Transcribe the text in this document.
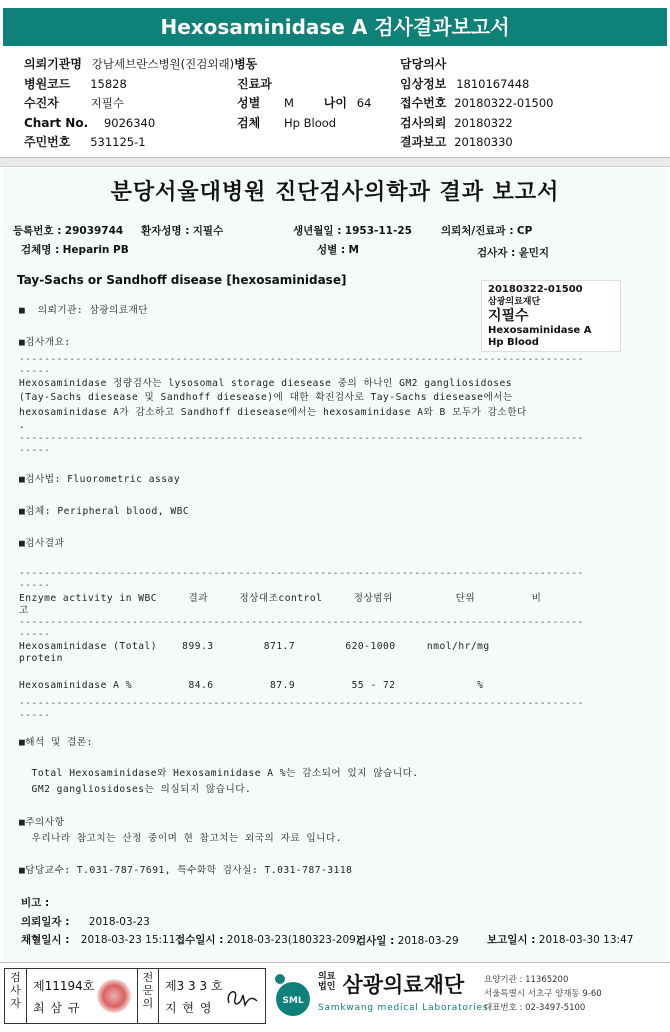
Hexosaminidase A 검사결과보고서
의뢰기관명 강남세브란스병원(진검외래)병동	담당의사
병원코드 15828	진료과	임상정보 1810167448
수진자	지필수	성별 M 나이 64 접수번호 20180322-01500
Chart No. 9026340	검체 Hp Blood	검사의뢰 20180322
주민번호 531125-1	결과보고 20180330
분당서울대병원 진단검사의학과 결과 보고서
등록번호 : 29039744 환자성명 : 지필수	생년월일 : 1953-11-25	의뢰처/진료과 : CP
검체명 : Heparin PB	성별 : M	검사자 : 윤민지
Tay-Sachs or Sandhoff disease [hexosaminidase]
20180322-01500
삼광의료재단
지필수
Hexosaminidase A
Hp Blood
■  의뢰기관: 삼광의료재단
■검사개요:
------------------------------------------------------------------------------------------
-----
Hexosaminidase 정량검사는 lysosomal storage diesease 중의 하나인 GM2 gangliosidoses
(Tay-Sachs diesease 및 Sandhoff diesease)에 대한 확진검사로 Tay-Sachs diesease에서는
hexosaminidase A가 감소하고 Sandhoff diesease에서는 hexosaminidase A와 B 모두가 감소한다
.
------------------------------------------------------------------------------------------
-----
■검사법: Fluorometric assay
■검체: Peripheral blood, WBC
■검사결과
------------------------------------------------------------------------------------------
-----
Enzyme activity in WBC     결과     정상대조control     정상범위          단위         비
고
------------------------------------------------------------------------------------------
-----
Hexosaminidase (Total)    899.3        871.7        620-1000     nmol/hr/mg
protein
Hexosaminidase A %         84.6         87.9         55 - 72             %
------------------------------------------------------------------------------------------
-----
■해석 및 결론:
Total Hexosaminidase와 Hexosaminidase A %는 감소되어 있지 않습니다.
GM2 gangliosidoses는 의심되지 않습니다.
■주의사항
우리나라 참고치는 산정 중이며 현 참고치는 외국의 자료 입니다.
■담당교수: T.031-787-7691, 특수화학 검사실: T.031-787-3118
비고 :
의뢰일자 : 2018-03-23
채혈일시 : 2018-03-23 15:11 접수일시 : 2018-03-23(180323-209)
검사일 : 2018-03-29	보고일시 : 2018-03-30 13:47
검사자
제11194호
최 삼 규
전문의
제3 3 3 호
지 현 영	SML
의료
법인 삼광의료재단
Samkwang medical Laboratories
요양기관 : 11365200
서울특별시 서초구 양재동 9-60
대표번호 : 02-3497-5100
